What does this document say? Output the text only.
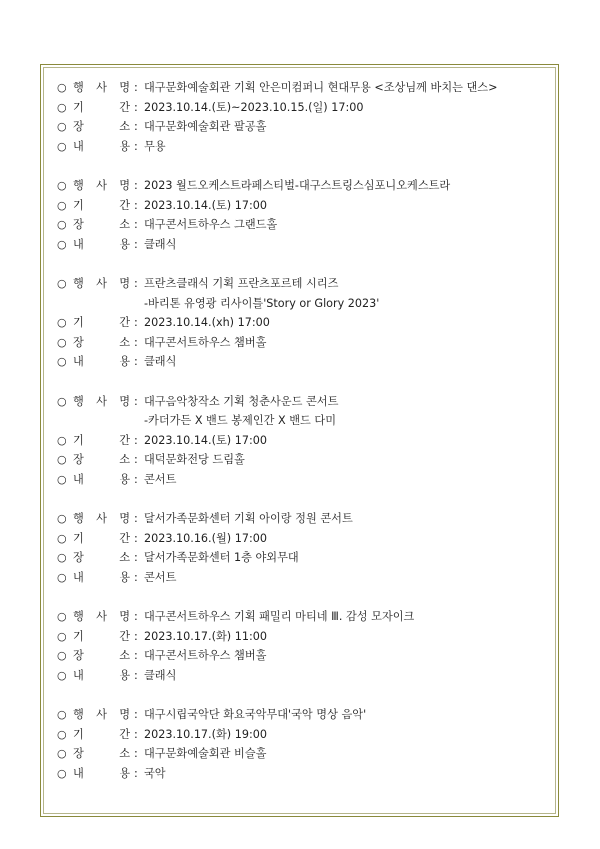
○ 행 사 명 : 대구문화예술회관 기획 안은미컴퍼니 현대무용 <조상님께 바치는 댄스>
○ 기	간 : 2023.10.14.(토)~2023.10.15.(일) 17:00
○ 장	소 : 대구문화예술회관 팔공홀
○ 내	용 : 무용
○ 행 사 명 : 2023 월드오케스트라페스티벌-대구스트링스심포니오케스트라
○ 기	간 : 2023.10.14.(토) 17:00
○ 장	소 : 대구콘서트하우스 그랜드홀
○ 내	용 : 클래식
○ 행 사 명 : 프란츠클래식 기획 프란츠포르테 시리즈
-바리톤 유영광 리사이틀'Story or Glory 2023'
○ 기	간 : 2023.10.14.(xh) 17:00
○ 장	소 : 대구콘서트하우스 챔버홀
○ 내	용 : 클래식
○ 행 사 명 : 대구음악창작소 기획 청춘사운드 콘서트
-카더가든 X 밴드 봉제인간 X 밴드 다미
○ 기	간 : 2023.10.14.(토) 17:00
○ 장	소 : 대덕문화전당 드림홀
○ 내	용 : 콘서트
○ 행 사 명 : 달서가족문화센터 기획 아이랑 정원 콘서트
○ 기	간 : 2023.10.16.(월) 17:00
○ 장	소 : 달서가족문화센터 1층 야외무대
○ 내	용 : 콘서트
○ 행 사 명 : 대구콘서트하우스 기획 패밀리 마티네 Ⅲ. 감성 모자이크
○ 기	간 : 2023.10.17.(화) 11:00
○ 장	소 : 대구콘서트하우스 챔버홀
○ 내	용 : 클래식
○ 행 사 명 : 대구시립국악단 화요국악무대'국악 명상 음악'
○ 기	간 : 2023.10.17.(화) 19:00
○ 장	소 : 대구문화예술회관 비슬홀
○ 내	용 : 국악
